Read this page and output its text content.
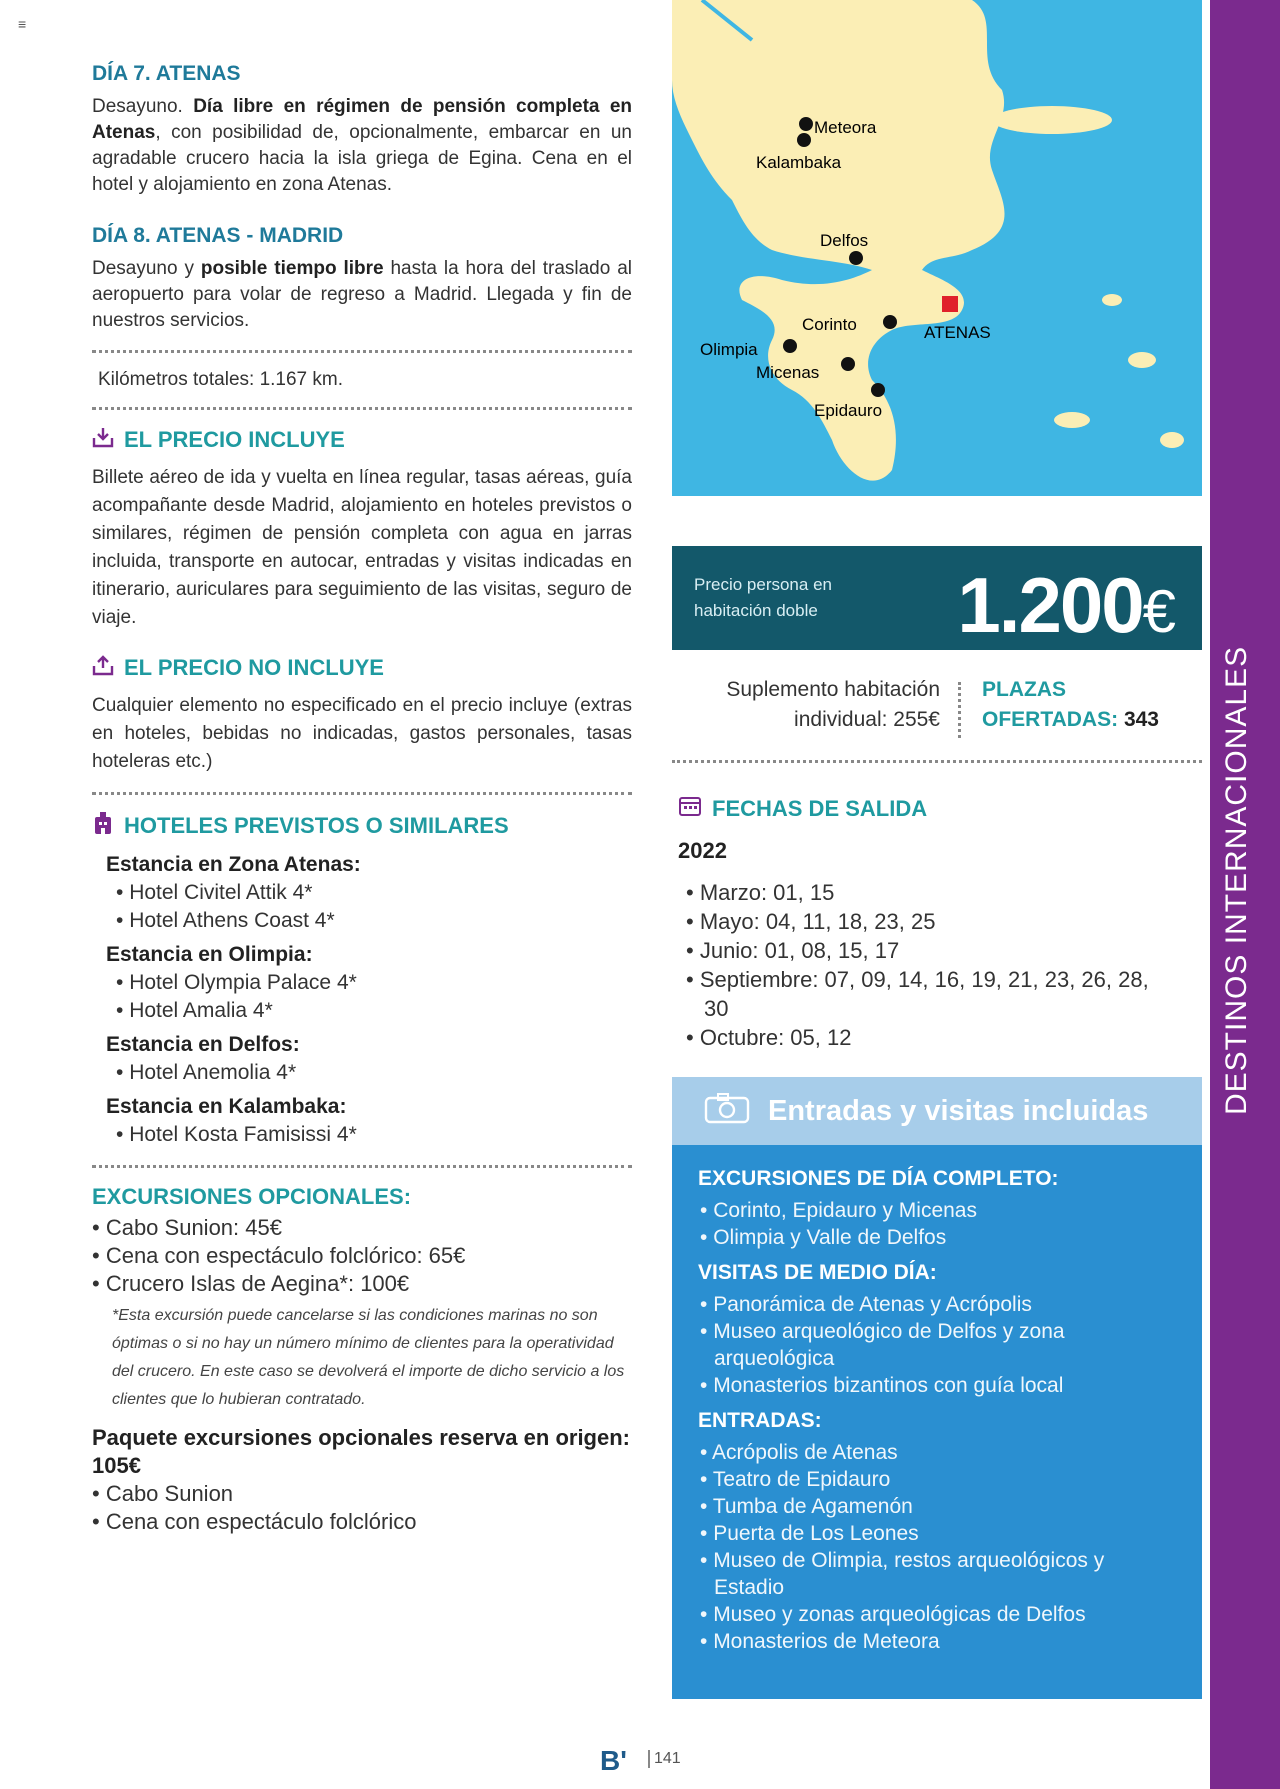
≡
DESTINOS INTERNACIONALES
DÍA 7. ATENAS

Desayuno. Día libre en régimen de pensión completa en Atenas, con posibilidad de, opcionalmente, embarcar en un agradable crucero hacia la isla griega de Egina. Cena en el hotel y alojamiento en zona Atenas.

DÍA 8. ATENAS - MADRID

Desayuno y posible tiempo libre hasta la hora del traslado al aeropuerto para volar de regreso a Madrid. Llegada y fin de nuestros servicios.

Kilómetros totales: 1.167 km.

EL PRECIO INCLUYE

Billete aéreo de ida y vuelta en línea regular, tasas aéreas, guía acompañante desde Madrid, alojamiento en hoteles previstos o similares, régimen de pensión completa con agua en jarras incluida, transporte en autocar, entradas y visitas indicadas en itinerario, auriculares para seguimiento de las visitas, seguro de viaje.

EL PRECIO NO INCLUYE

Cualquier elemento no especificado en el precio incluye (extras en hoteles, bebidas no indicadas, gastos personales, tasas hoteleras etc.)

HOTELES PREVISTOS O SIMILARES
Estancia en Zona Atenas:
• Hotel Civitel Attik 4*
• Hotel Athens Coast 4*
Estancia en Olimpia:
• Hotel Olympia Palace 4*
• Hotel Amalia 4*
Estancia en Delfos:
• Hotel Anemolia 4*
Estancia en Kalambaka:
• Hotel Kosta Famisissi 4*
EXCURSIONES OPCIONALES:
• Cabo Sunion: 45€
• Cena con espectáculo folclórico: 65€
• Crucero Islas de Aegina*: 100€

*Esta excursión puede cancelarse si las condiciones marinas no son óptimas o si no hay un número mínimo de clientes para la operatividad del crucero. En este caso se devolverá el importe de dicho servicio a los clientes que lo hubieran contratado.

Paquete excursiones opcionales reserva en origen: 105€

• Cabo Sunion
• Cena con espectáculo folclórico
Meteora
Kalambaka
Delfos
Corinto	ATENAS
Olimpia
Micenas
Epidauro
Precio persona en
habitación doble 1.200€
Suplemento habitación
individual: 255€
PLAZAS
OFERTADAS: 343
FECHAS DE SALIDA
2022
• Marzo: 01, 15
• Mayo: 04, 11, 18, 23, 25
• Junio: 01, 08, 15, 17
• Septiembre: 07, 09, 14, 16, 19, 21, 23, 26, 28, 30
• Octubre: 05, 12
Entradas y visitas incluidas
EXCURSIONES DE DÍA COMPLETO:
• Corinto, Epidauro y Micenas
• Olimpia y Valle de Delfos
VISITAS DE MEDIO DÍA:
• Panorámica de Atenas y Acrópolis
• Museo arqueológico de Delfos y zona arqueológica
• Monasterios bizantinos con guía local
ENTRADAS:
• Acrópolis de Atenas
• Teatro de Epidauro
• Tumba de Agamenón
• Puerta de Los Leones
• Museo de Olimpia, restos arqueológicos y Estadio
• Museo y zonas arqueológicas de Delfos
• Monasterios de Meteora
B'	141
